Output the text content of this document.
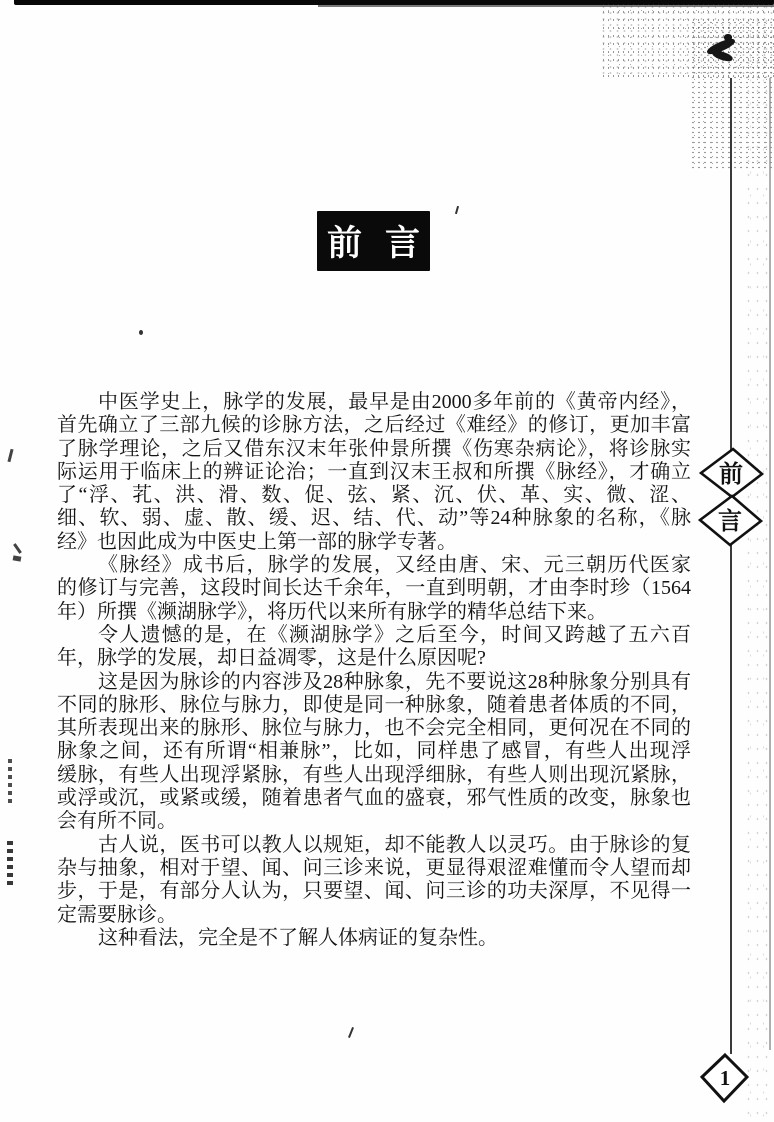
前言
中医学史上，脉学的发展，最早是由2000多年前的《黄帝内经》，
首先确立了三部九候的诊脉方法，之后经过《难经》的修订，更加丰富
了脉学理论，之后又借东汉末年张仲景所撰《伤寒杂病论》，将诊脉实
际运用于临床上的辨证论治；一直到汉末王叔和所撰《脉经》，才确立
了“浮、芤、洪、滑、数、促、弦、紧、沉、伏、革、实、微、涩、
细、软、弱、虚、散、缓、迟、结、代、动”等24种脉象的名称，《脉
经》也因此成为中医史上第一部的脉学专著。
《脉经》成书后，脉学的发展，又经由唐、宋、元三朝历代医家
的修订与完善，这段时间长达千余年，一直到明朝，才由李时珍（1564
年）所撰《濒湖脉学》，将历代以来所有脉学的精华总结下来。
令人遗憾的是，在《濒湖脉学》之后至今，时间又跨越了五六百
年，脉学的发展，却日益凋零，这是什么原因呢?
这是因为脉诊的内容涉及28种脉象，先不要说这28种脉象分别具有
不同的脉形、脉位与脉力，即使是同一种脉象，随着患者体质的不同，
其所表现出来的脉形、脉位与脉力，也不会完全相同，更何况在不同的
脉象之间，还有所谓“相兼脉”，比如，同样患了感冒，有些人出现浮
缓脉，有些人出现浮紧脉，有些人出现浮细脉，有些人则出现沉紧脉，
或浮或沉，或紧或缓，随着患者气血的盛衰，邪气性质的改变，脉象也
会有所不同。
古人说，医书可以教人以规矩，却不能教人以灵巧。由于脉诊的复
杂与抽象，相对于望、闻、问三诊来说，更显得艰涩难懂而令人望而却
步，于是，有部分人认为，只要望、闻、问三诊的功夫深厚，不见得一
定需要脉诊。
这种看法，完全是不了解人体病证的复杂性。
前
言
1
